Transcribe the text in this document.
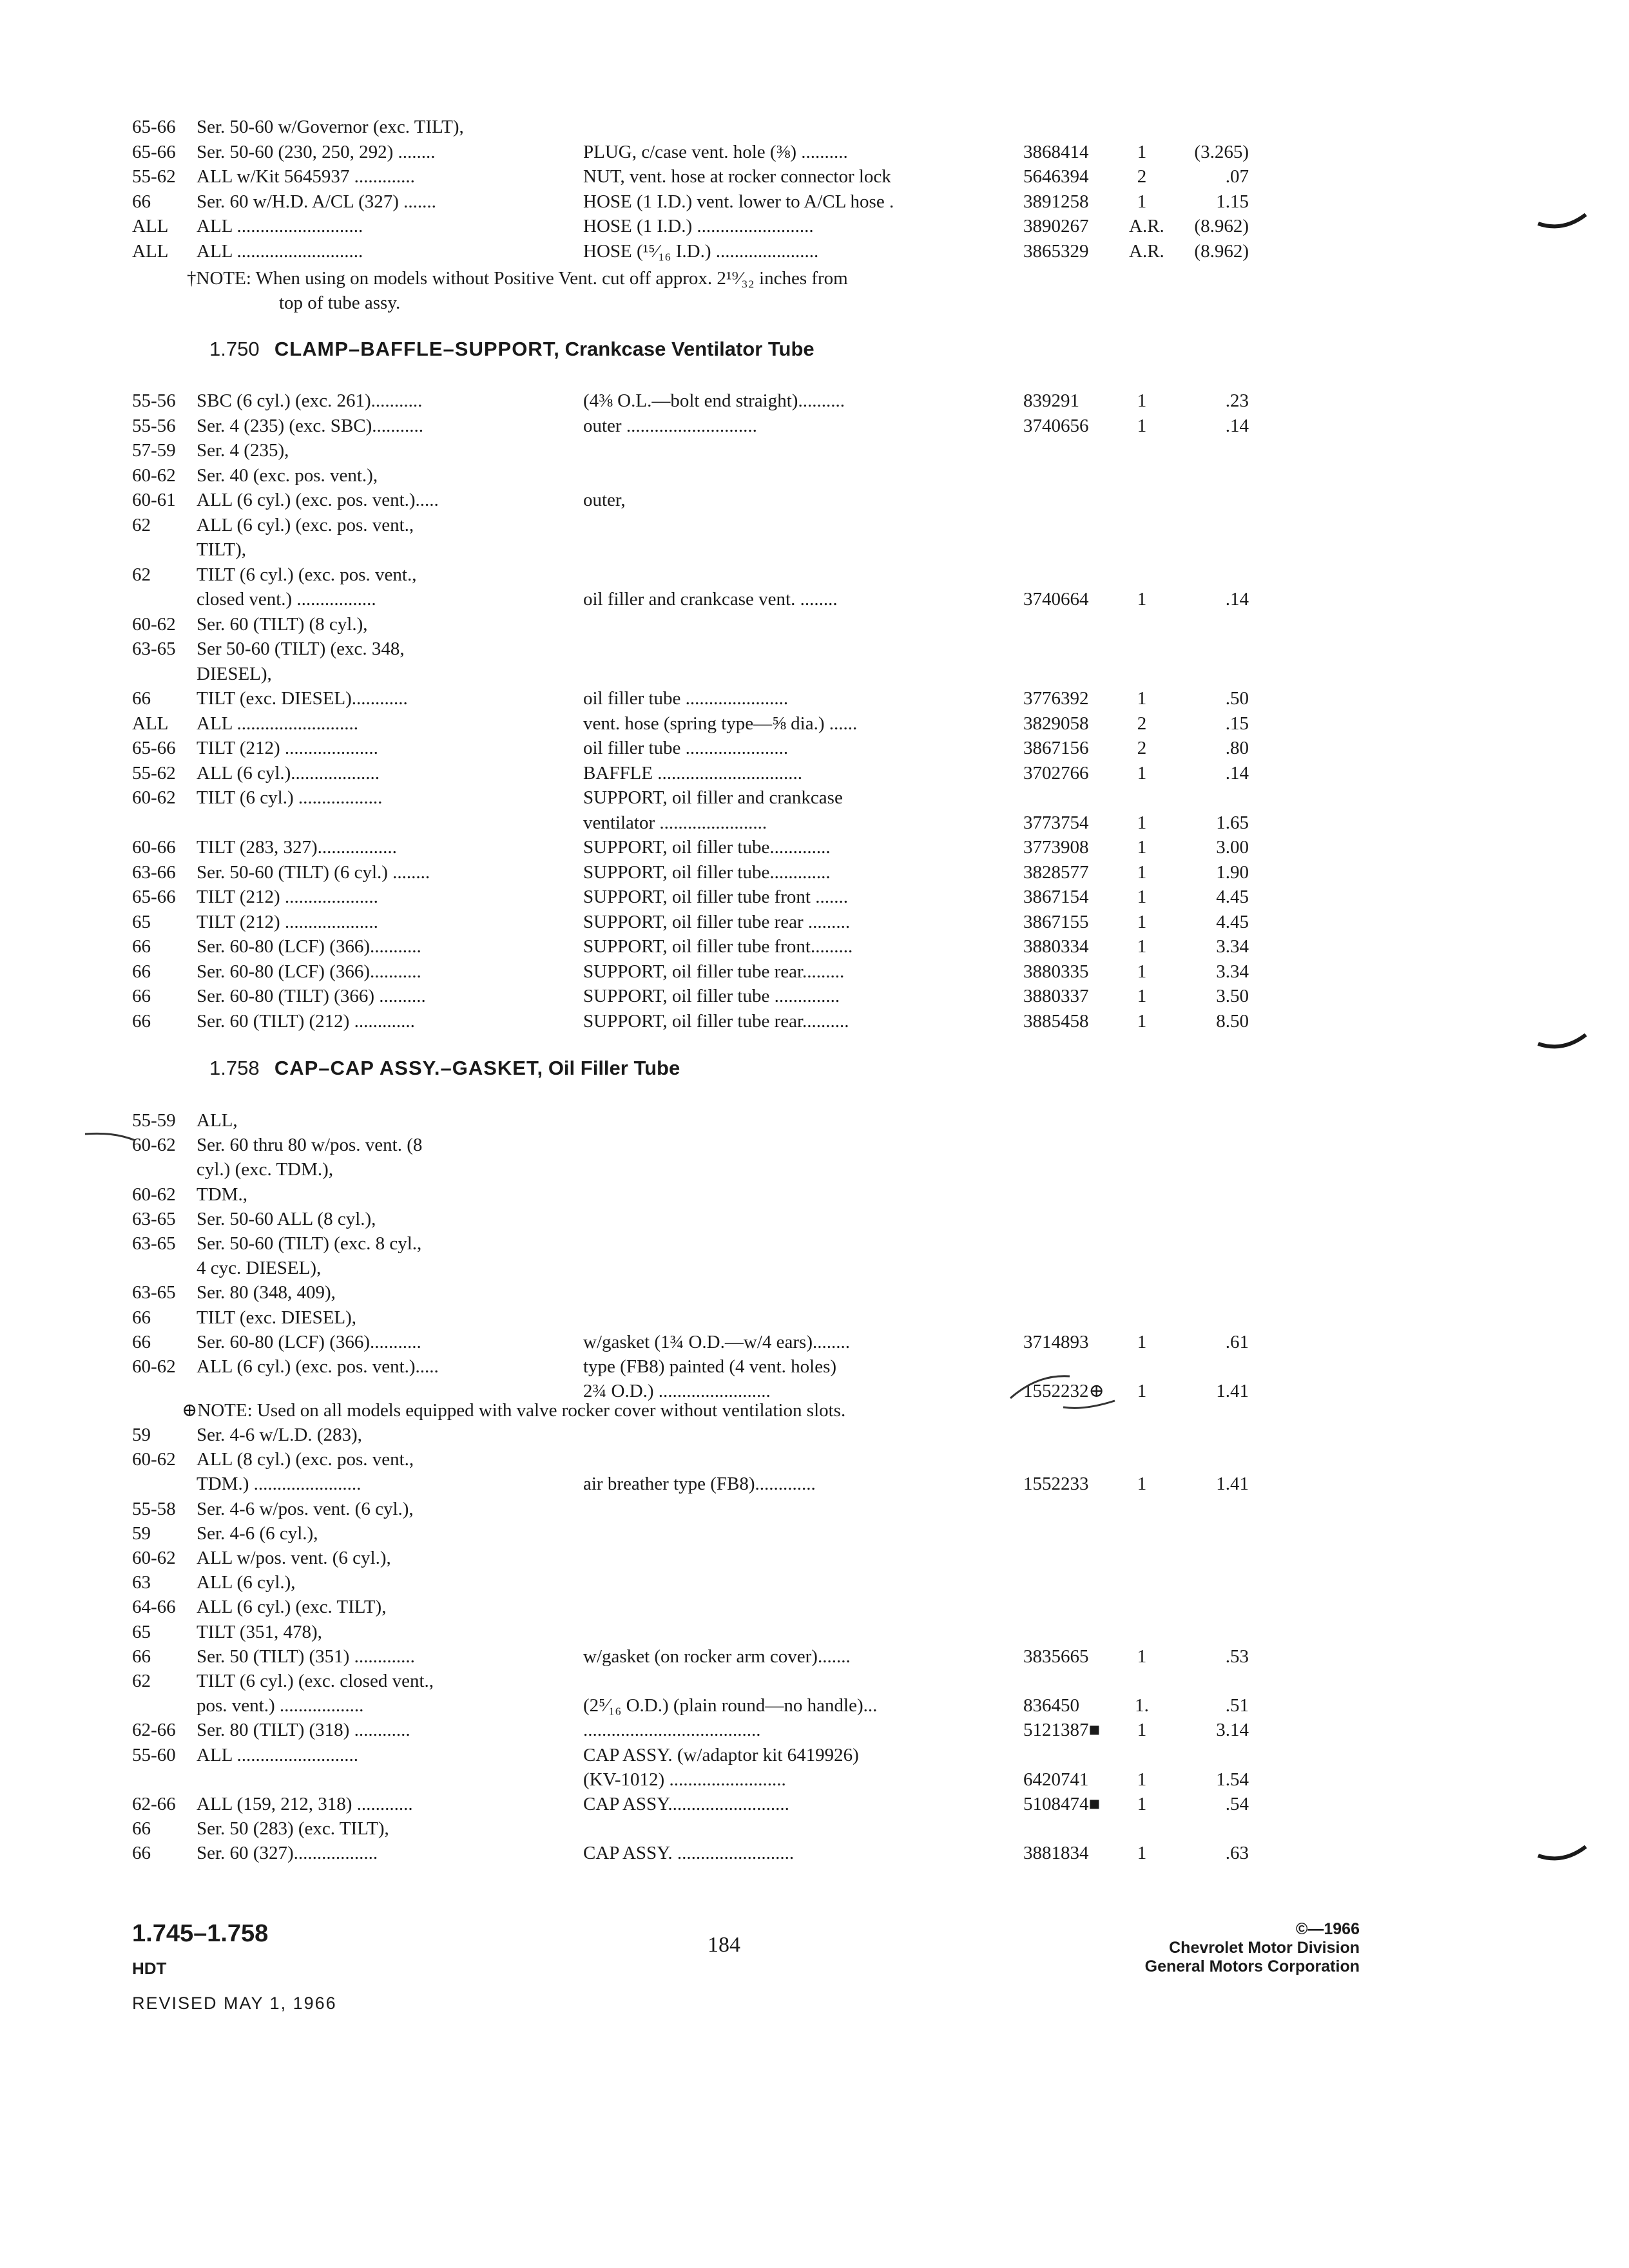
65-66 Ser. 50-60 w/Governor (exc. TILT),
65-66 Ser. 50-60 (230, 250, 292) ........	PLUG, c/case vent. hole (⅜) ..........	3868414	1	(3.265)
55-62 ALL w/Kit 5645937 .............	NUT, vent. hose at rocker connector lock	5646394	2	.07
66 Ser. 60 w/H.D. A/CL (327) .......	HOSE (1 I.D.) vent. lower to A/CL hose .	3891258	1	1.15
ALL ALL ...........................	HOSE (1 I.D.) .........................	3890267 A.R.	(8.962)
ALL ALL ...........................	HOSE (¹⁵⁄₁₆ I.D.) ......................	3865329 A.R.	(8.962)
†NOTE: When using on models without Positive Vent. cut off approx. 2¹⁹⁄₃₂ inches from
top of tube assy.
1.750 CLAMP–BAFFLE–SUPPORT, Crankcase Ventilator Tube
55-56 SBC (6 cyl.) (exc. 261)...........	(4⅜ O.L.—bolt end straight)..........	839291	1	.23
55-56 Ser. 4 (235) (exc. SBC)...........	outer ............................	3740656	1	.14
57-59 Ser. 4 (235),
60-62 Ser. 40 (exc. pos. vent.),
60-61 ALL (6 cyl.) (exc. pos. vent.).....	outer,
62 ALL (6 cyl.) (exc. pos. vent.,
TILT),
62 TILT (6 cyl.) (exc. pos. vent.,
closed vent.) .................	oil filler and crankcase vent. ........	3740664	1	.14
60-62 Ser. 60 (TILT) (8 cyl.),
63-65 Ser 50-60 (TILT) (exc. 348,
DIESEL),
66 TILT (exc. DIESEL)............	oil filler tube ......................	3776392	1	.50
ALL ALL ..........................	vent. hose (spring type—⅝ dia.) ......	3829058	2	.15
65-66 TILT (212) ....................	oil filler tube ......................	3867156	2	.80
55-62 ALL (6 cyl.)...................	BAFFLE ...............................	3702766	1	.14
60-62 TILT (6 cyl.) ..................	SUPPORT, oil filler and crankcase
ventilator .......................	3773754	1	1.65
60-66 TILT (283, 327).................	SUPPORT, oil filler tube.............	3773908	1	3.00
63-66 Ser. 50-60 (TILT) (6 cyl.) ........	SUPPORT, oil filler tube.............	3828577	1	1.90
65-66 TILT (212) ....................	SUPPORT, oil filler tube front .......	3867154	1	4.45
65 TILT (212) ....................	SUPPORT, oil filler tube rear .........	3867155	1	4.45
66 Ser. 60-80 (LCF) (366)...........	SUPPORT, oil filler tube front.........	3880334	1	3.34
66 Ser. 60-80 (LCF) (366)...........	SUPPORT, oil filler tube rear.........	3880335	1	3.34
66 Ser. 60-80 (TILT) (366) ..........	SUPPORT, oil filler tube ..............	3880337	1	3.50
66 Ser. 60 (TILT) (212) .............	SUPPORT, oil filler tube rear..........	3885458	1	8.50
1.758 CAP–CAP ASSY.–GASKET, Oil Filler Tube
55-59 ALL,
60-62 Ser. 60 thru 80 w/pos. vent. (8
cyl.) (exc. TDM.),
60-62 TDM.,
63-65 Ser. 50-60 ALL (8 cyl.),
63-65 Ser. 50-60 (TILT) (exc. 8 cyl.,
4 cyc. DIESEL),
63-65 Ser. 80 (348, 409),
66 TILT (exc. DIESEL),
66 Ser. 60-80 (LCF) (366)...........	w/gasket (1¾ O.D.—w/4 ears)........	3714893	1	.61
60-62 ALL (6 cyl.) (exc. pos. vent.).....	type (FB8) painted (4 vent. holes)
2¾ O.D.) ........................	1552232⊕	1	1.41
⊕NOTE: Used on all models equipped with valve rocker cover without ventilation slots.
59 Ser. 4-6 w/L.D. (283),
60-62 ALL (8 cyl.) (exc. pos. vent.,
TDM.) .......................	air breather type (FB8).............	1552233	1	1.41
55-58 Ser. 4-6 w/pos. vent. (6 cyl.),
59 Ser. 4-6 (6 cyl.),
60-62 ALL w/pos. vent. (6 cyl.),
63 ALL (6 cyl.),
64-66 ALL (6 cyl.) (exc. TILT),
65 TILT (351, 478),
66 Ser. 50 (TILT) (351) .............	w/gasket (on rocker arm cover).......	3835665	1	.53
62 TILT (6 cyl.) (exc. closed vent.,
pos. vent.) ..................	(2⁵⁄₁₆ O.D.) (plain round—no handle)...	836450	1.	.51
62-66 Ser. 80 (TILT) (318) ............	......................................	5121387■	1	3.14
55-60 ALL ..........................	CAP ASSY. (w/adaptor kit 6419926)
(KV-1012) .........................	6420741	1	1.54
62-66 ALL (159, 212, 318) ............	CAP ASSY..........................	5108474■	1	.54
66 Ser. 50 (283) (exc. TILT),
66 Ser. 60 (327)..................	CAP ASSY. .........................	3881834	1	.63
1.745–1.758
HDT
REVISED MAY 1, 1966
184
©—1966
Chevrolet Motor Division
General Motors Corporation
